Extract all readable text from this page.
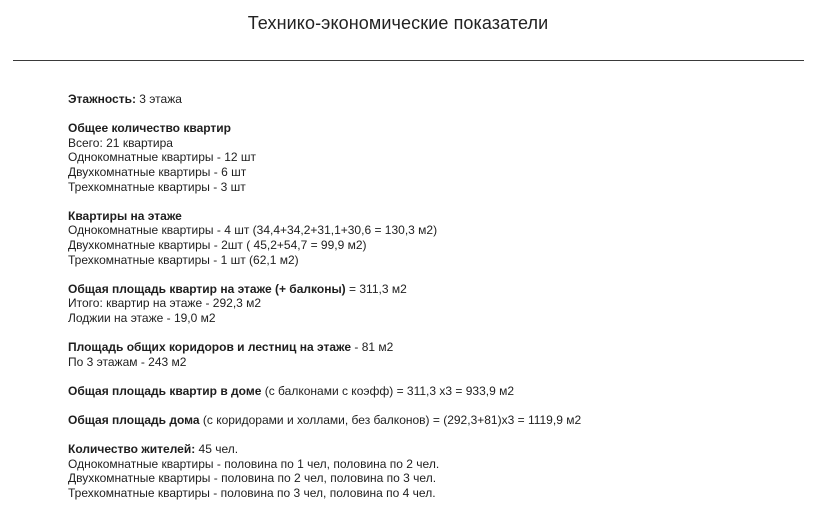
Технико-экономические показатели
Этажность: 3 этажа
Общее количество квартир
Всего: 21 квартира
Однокомнатные квартиры - 12 шт
Двухкомнатные квартиры - 6 шт
Трехкомнатные квартиры - 3 шт
Квартиры на этаже
Однокомнатные квартиры - 4 шт (34,4+34,2+31,1+30,6 = 130,3 м2)
Двухкомнатные квартиры - 2шт ( 45,2+54,7 = 99,9 м2)
Трехкомнатные квартиры - 1 шт (62,1 м2)
Общая площадь квартир на этаже (+ балконы) = 311,3 м2
Итого: квартир на этаже - 292,3 м2
Лоджии на этаже - 19,0 м2
Площадь общих коридоров и лестниц на этаже - 81 м2
По 3 этажам - 243 м2
Общая площадь квартир в доме (с балконами с коэфф) = 311,3 х3 = 933,9 м2
Общая площадь дома (с коридорами и холлами, без балконов) = (292,3+81)х3 = 1119,9 м2
Количество жителей: 45 чел.
Однокомнатные квартиры - половина по 1 чел, половина по 2 чел.
Двухкомнатные квартиры - половина по 2 чел, половина по 3 чел.
Трехкомнатные квартиры - половина по 3 чел, половина по 4 чел.
